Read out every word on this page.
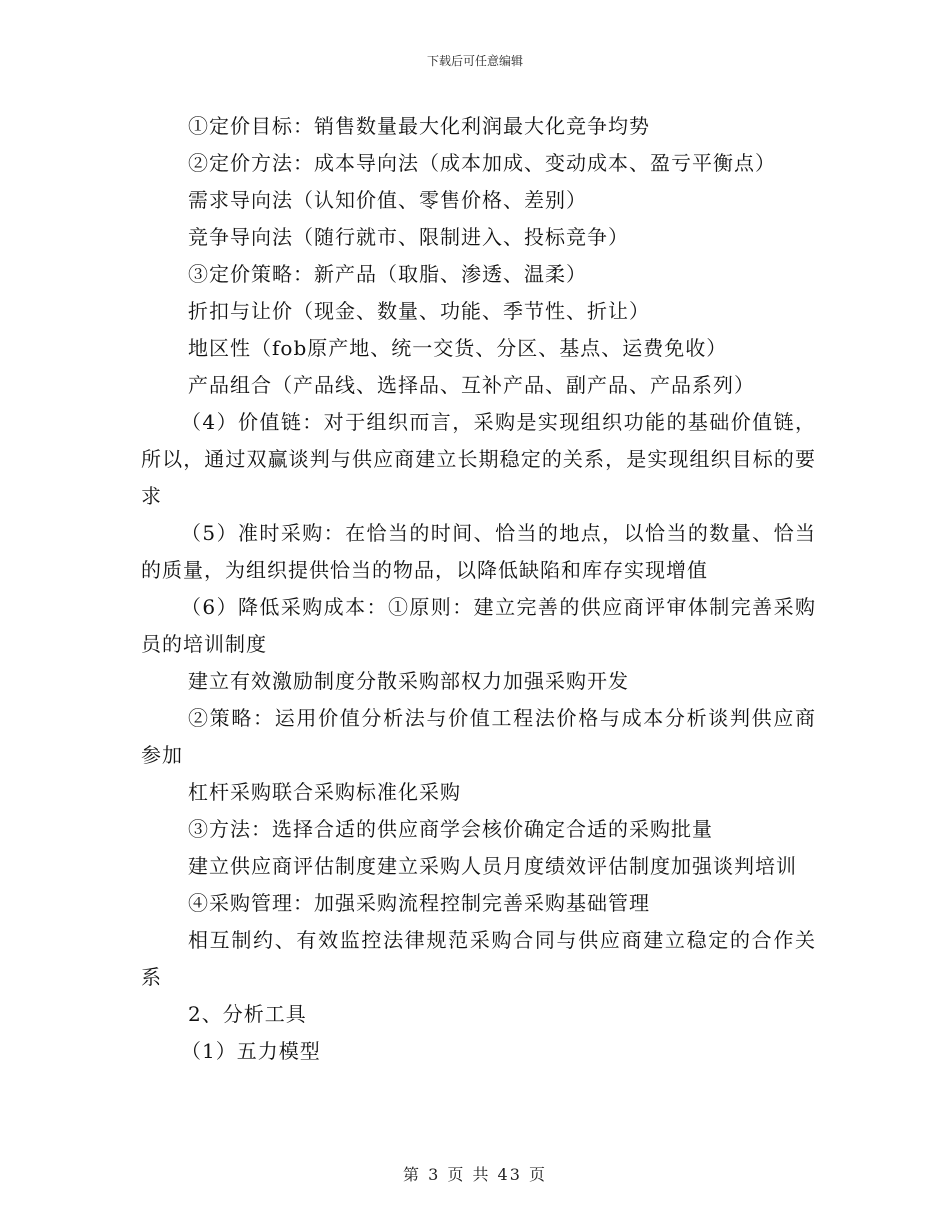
下载后可任意编辑

①定价目标：销售数量最大化利润最大化竞争均势

②定价方法：成本导向法（成本加成、变动成本、盈亏平衡点）

需求导向法（认知价值、零售价格、差别）

竞争导向法（随行就市、限制进入、投标竞争）

③定价策略：新产品（取脂、渗透、温柔）

折扣与让价（现金、数量、功能、季节性、折让）

地区性（fob原产地、统一交货、分区、基点、运费免收）

产品组合（产品线、选择品、互补产品、副产品、产品系列）

（4）价值链：对于组织而言，采购是实现组织功能的基础价值链，所以，通过双赢谈判与供应商建立长期稳定的关系，是实现组织目标的要求

（5）准时采购：在恰当的时间、恰当的地点，以恰当的数量、恰当的质量，为组织提供恰当的物品，以降低缺陷和库存实现增值

（6）降低采购成本：①原则：建立完善的供应商评审体制完善采购员的培训制度

建立有效激励制度分散采购部权力加强采购开发

②策略：运用价值分析法与价值工程法价格与成本分析谈判供应商参加

杠杆采购联合采购标准化采购

③方法：选择合适的供应商学会核价确定合适的采购批量

建立供应商评估制度建立采购人员月度绩效评估制度加强谈判培训

④采购管理：加强采购流程控制完善采购基础管理

相互制约、有效监控法律规范采购合同与供应商建立稳定的合作关系

2、分析工具

（1）五力模型

第 3 页 共 43 页
